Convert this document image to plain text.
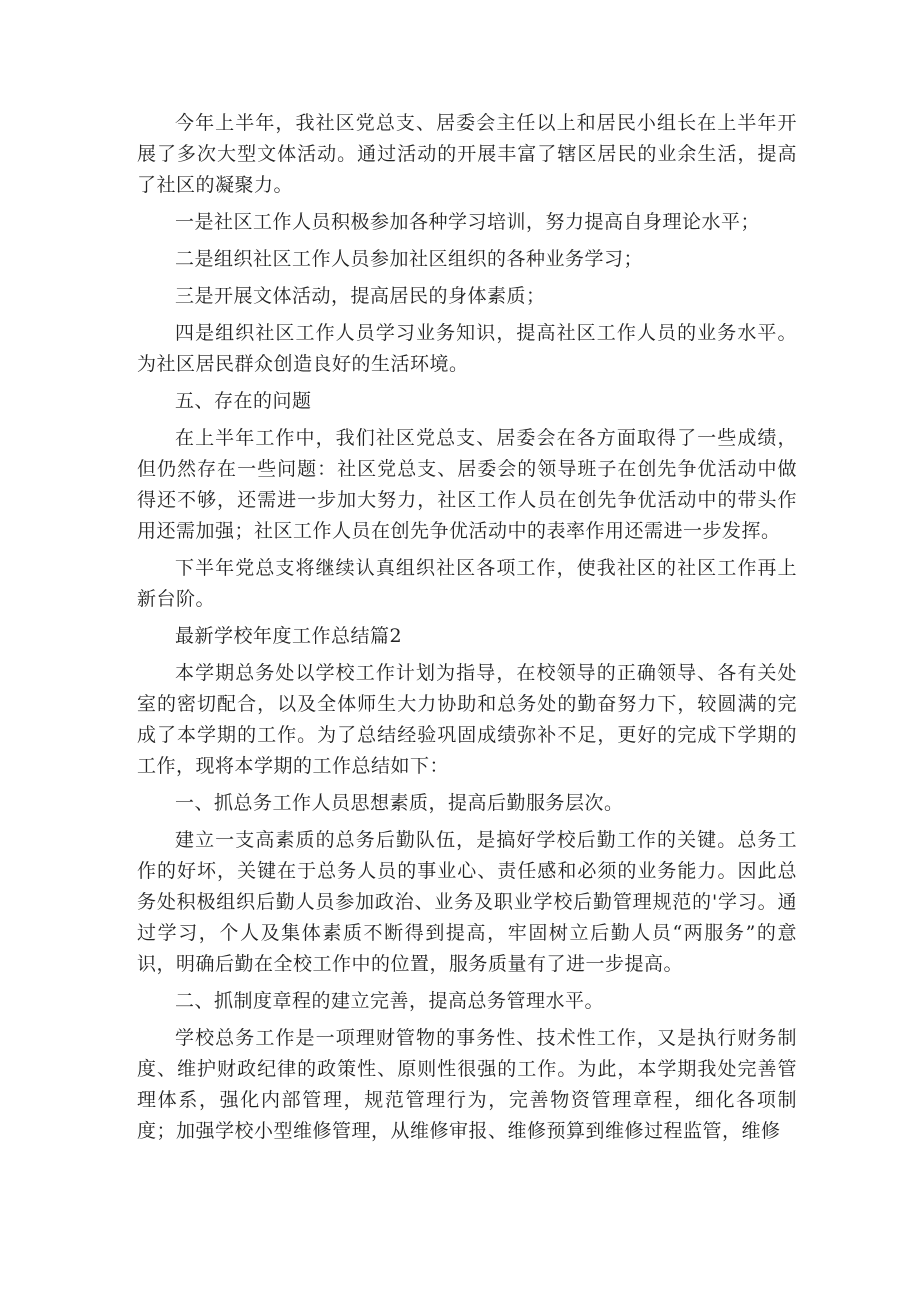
今年上半年，我社区党总支、居委会主任以上和居民小组长在上半年开展了多次大型文体活动。通过活动的开展丰富了辖区居民的业余生活，提高了社区的凝聚力。

一是社区工作人员积极参加各种学习培训，努力提高自身理论水平；

二是组织社区工作人员参加社区组织的各种业务学习；

三是开展文体活动，提高居民的身体素质；

四是组织社区工作人员学习业务知识，提高社区工作人员的业务水平。为社区居民群众创造良好的生活环境。

五、存在的问题

在上半年工作中，我们社区党总支、居委会在各方面取得了一些成绩，但仍然存在一些问题：社区党总支、居委会的领导班子在创先争优活动中做得还不够，还需进一步加大努力，社区工作人员在创先争优活动中的带头作用还需加强；社区工作人员在创先争优活动中的表率作用还需进一步发挥。

下半年党总支将继续认真组织社区各项工作，使我社区的社区工作再上新台阶。

最新学校年度工作总结篇2

本学期总务处以学校工作计划为指导，在校领导的正确领导、各有关处室的密切配合，以及全体师生大力协助和总务处的勤奋努力下，较圆满的完成了本学期的工作。为了总结经验巩固成绩弥补不足，更好的完成下学期的工作，现将本学期的工作总结如下：

一、抓总务工作人员思想素质，提高后勤服务层次。

建立一支高素质的总务后勤队伍，是搞好学校后勤工作的关键。总务工作的好坏，关键在于总务人员的事业心、责任感和必须的业务能力。因此总务处积极组织后勤人员参加政治、业务及职业学校后勤管理规范的'学习。通过学习，个人及集体素质不断得到提高，牢固树立后勤人员“两服务”的意识，明确后勤在全校工作中的位置，服务质量有了进一步提高。

二、抓制度章程的建立完善，提高总务管理水平。

学校总务工作是一项理财管物的事务性、技术性工作，又是执行财务制度、维护财政纪律的政策性、原则性很强的工作。为此，本学期我处完善管理体系，强化内部管理，规范管理行为，完善物资管理章程，细化各项制度；加强学校小型维修管理，从维修审报、维修预算到维修过程监管，维修
